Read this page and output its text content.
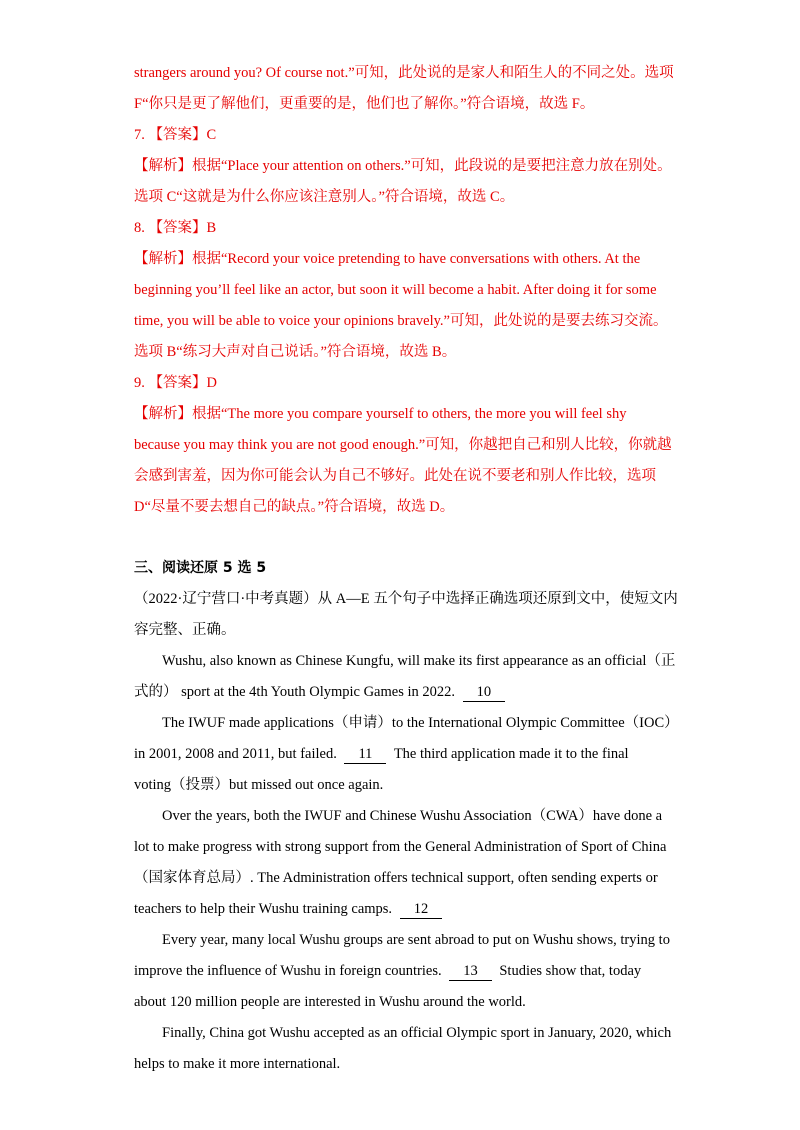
strangers around you? Of course not.”可知，此处说的是家人和陌生人的不同之处。选项
F“你只是更了解他们，更重要的是，他们也了解你。”符合语境，故选 F。
7. 【答案】C
【解析】根据“Place your attention on others.”可知，此段说的是要把注意力放在别处。
选项 C“这就是为什么你应该注意别人。”符合语境，故选 C。
8. 【答案】B
【解析】根据“Record your voice pretending to have conversations with others. At the
beginning you’ll feel like an actor, but soon it will become a habit. After doing it for some
time, you will be able to voice your opinions bravely.”可知，此处说的是要去练习交流。
选项 B“练习大声对自己说话。”符合语境，故选 B。
9. 【答案】D
【解析】根据“The more you compare yourself to others, the more you will feel shy
because you may think you are not good enough.”可知，你越把自己和别人比较，你就越
会感到害羞，因为你可能会认为自己不够好。此处在说不要老和别人作比较，选项
D“尽量不要去想自己的缺点。”符合语境，故选 D。
三、阅读还原 5 选 5
（2022·辽宁营口·中考真题）从 A—E 五个句子中选择正确选项还原到文中，使短文内
容完整、正确。
Wushu, also known as Chinese Kungfu, will make its first appearance as an official（正
式的） sport at the 4th Youth Olympic Games in 2022. 10
The IWUF made applications（申请）to the International Olympic Committee（IOC）
in 2001, 2008 and 2011, but failed. 11 The third application made it to the final
voting（投票）but missed out once again.
Over the years, both the IWUF and Chinese Wushu Association（CWA）have done a
lot to make progress with strong support from the General Administration of Sport of China
（国家体育总局）. The Administration offers technical support, often sending experts or
teachers to help their Wushu training camps. 12
Every year, many local Wushu groups are sent abroad to put on Wushu shows, trying to
improve the influence of Wushu in foreign countries. 13 Studies show that, today
about 120 million people are interested in Wushu around the world.
Finally, China got Wushu accepted as an official Olympic sport in January, 2020, which
helps to make it more international.
